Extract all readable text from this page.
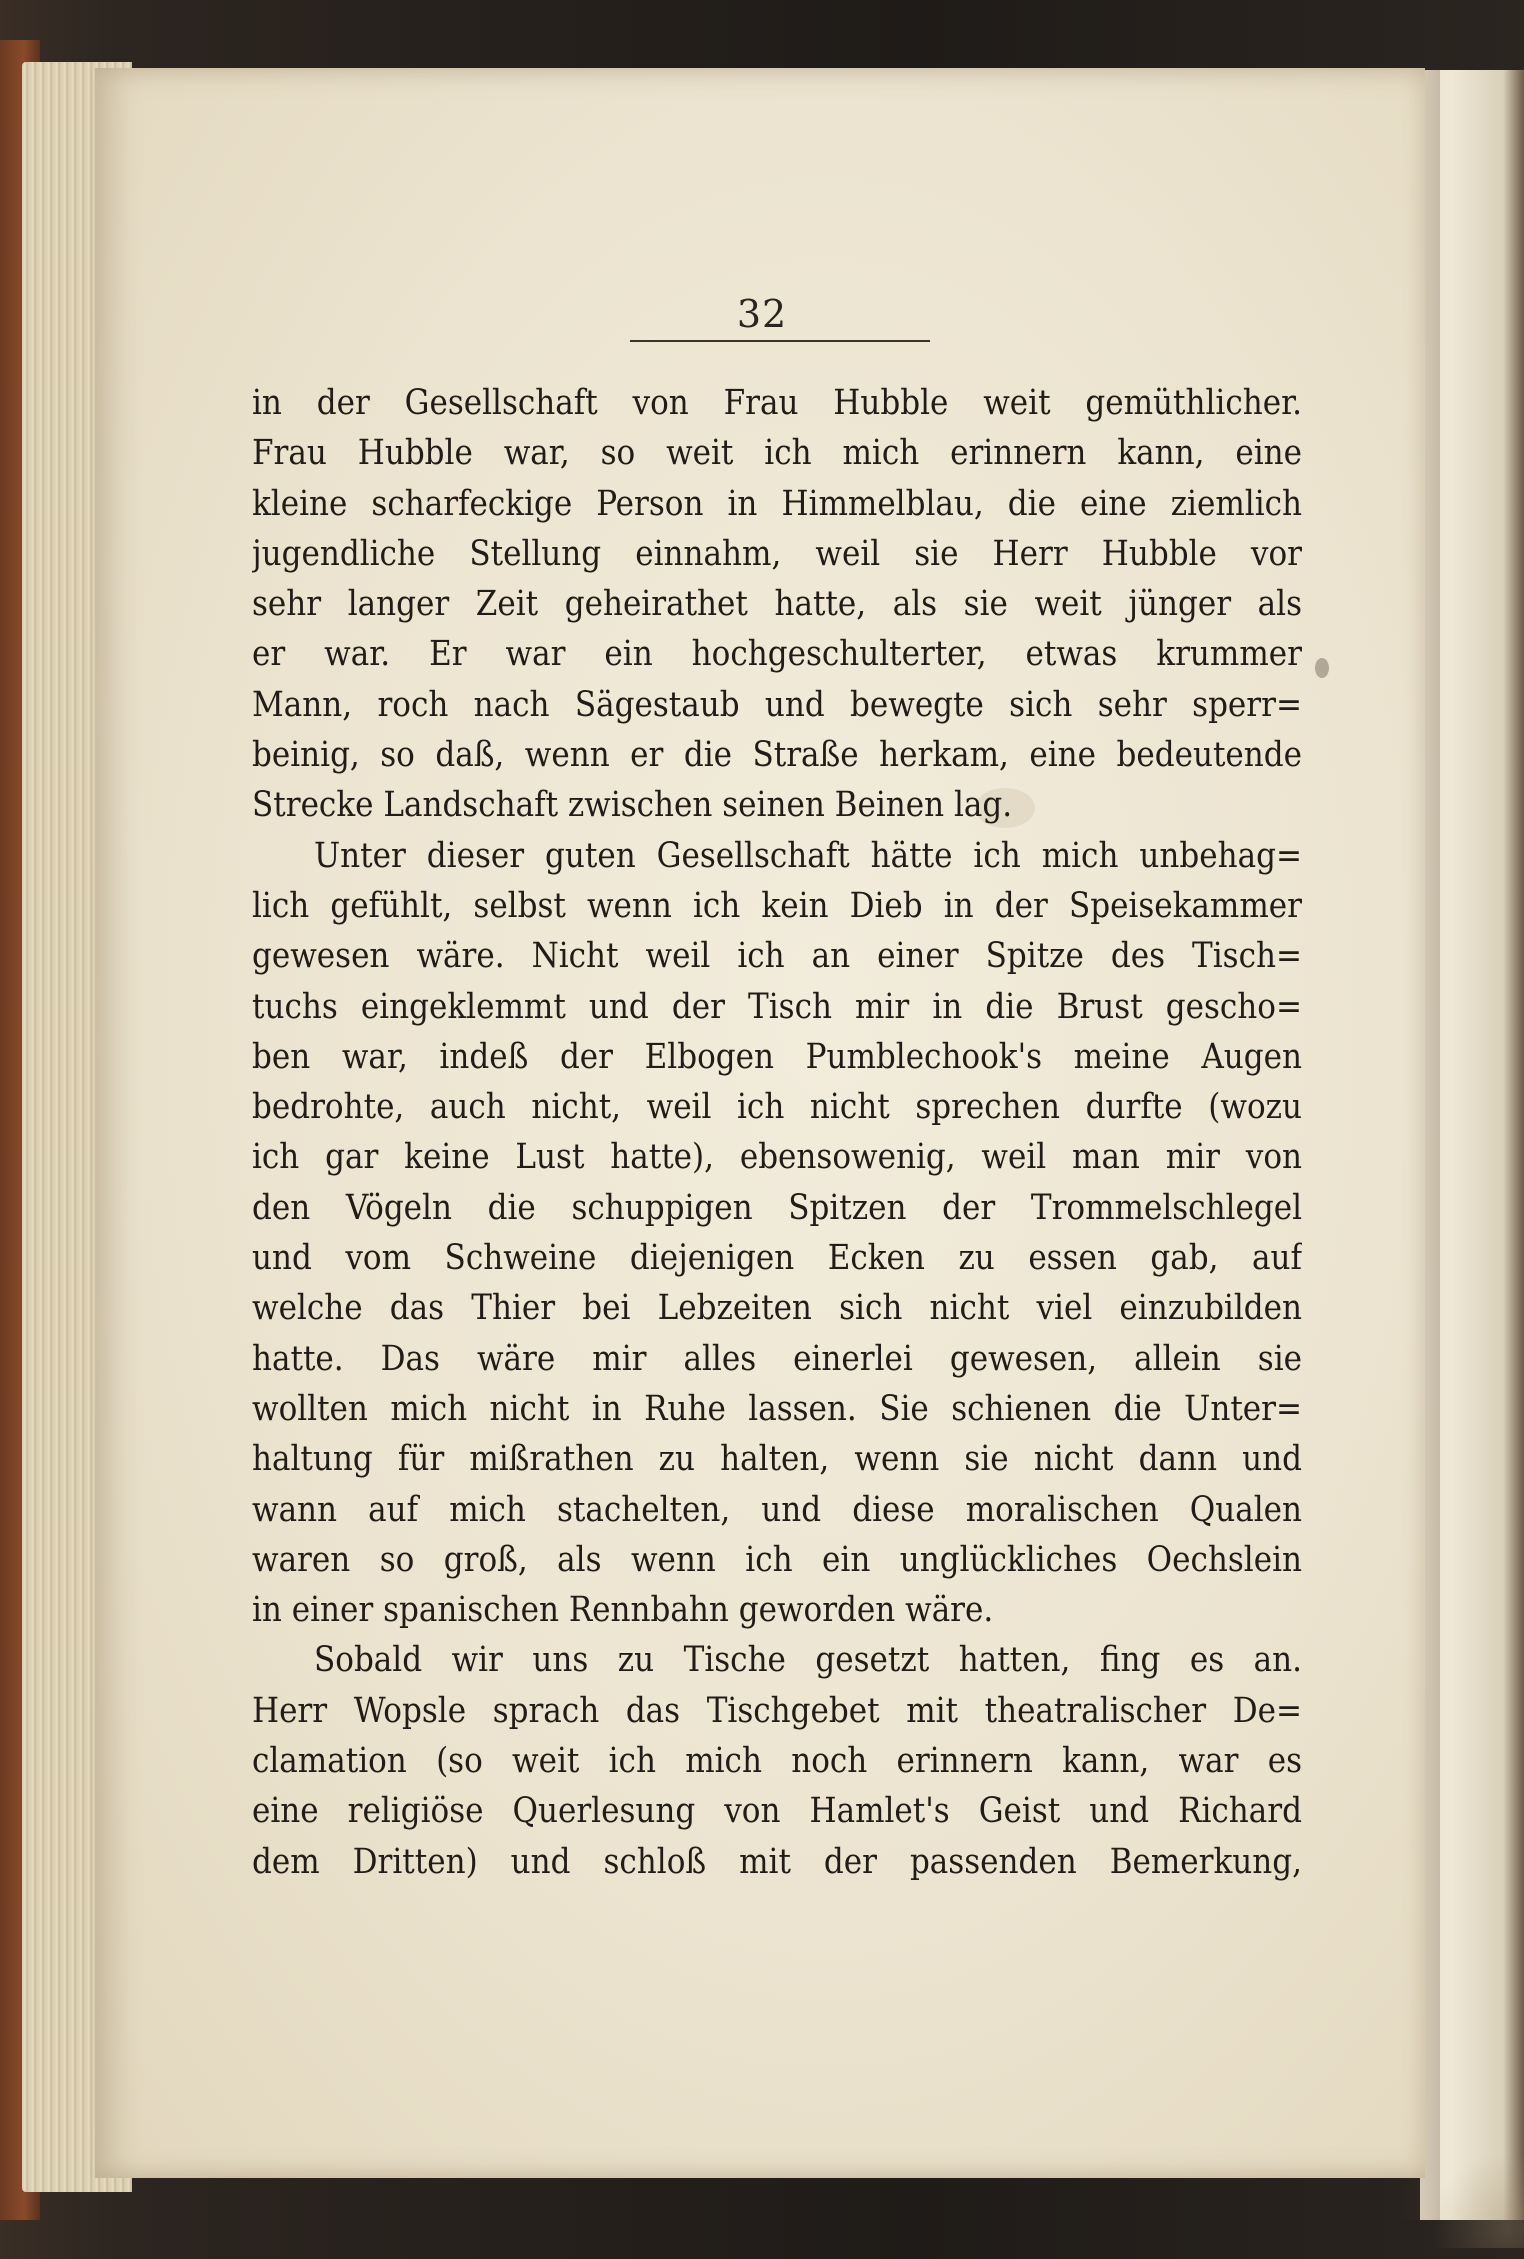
32
in der Gesellschaft von Frau Hubble weit gemüthlicher.
Frau Hubble war, so weit ich mich erinnern kann, eine
kleine scharfeckige Person in Himmelblau, die eine ziemlich
jugendliche Stellung einnahm, weil sie Herr Hubble vor
sehr langer Zeit geheirathet hatte, als sie weit jünger als
er war. Er war ein hochgeschulterter, etwas krummer
Mann, roch nach Sägestaub und bewegte sich sehr sperr=
beinig, so daß, wenn er die Straße herkam, eine bedeutende
Strecke Landschaft zwischen seinen Beinen lag.
Unter dieser guten Gesellschaft hätte ich mich unbehag=
lich gefühlt, selbst wenn ich kein Dieb in der Speisekammer
gewesen wäre. Nicht weil ich an einer Spitze des Tisch=
tuchs eingeklemmt und der Tisch mir in die Brust gescho=
ben war, indeß der Elbogen Pumblechook's meine Augen
bedrohte, auch nicht, weil ich nicht sprechen durfte (wozu
ich gar keine Lust hatte), ebensowenig, weil man mir von
den Vögeln die schuppigen Spitzen der Trommelschlegel
und vom Schweine diejenigen Ecken zu essen gab, auf
welche das Thier bei Lebzeiten sich nicht viel einzubilden
hatte. Das wäre mir alles einerlei gewesen, allein sie
wollten mich nicht in Ruhe lassen. Sie schienen die Unter=
haltung für mißrathen zu halten, wenn sie nicht dann und
wann auf mich stachelten, und diese moralischen Qualen
waren so groß, als wenn ich ein unglückliches Oechslein
in einer spanischen Rennbahn geworden wäre.
Sobald wir uns zu Tische gesetzt hatten, fing es an.
Herr Wopsle sprach das Tischgebet mit theatralischer De=
clamation (so weit ich mich noch erinnern kann, war es
eine religiöse Querlesung von Hamlet's Geist und Richard
dem Dritten) und schloß mit der passenden Bemerkung,
